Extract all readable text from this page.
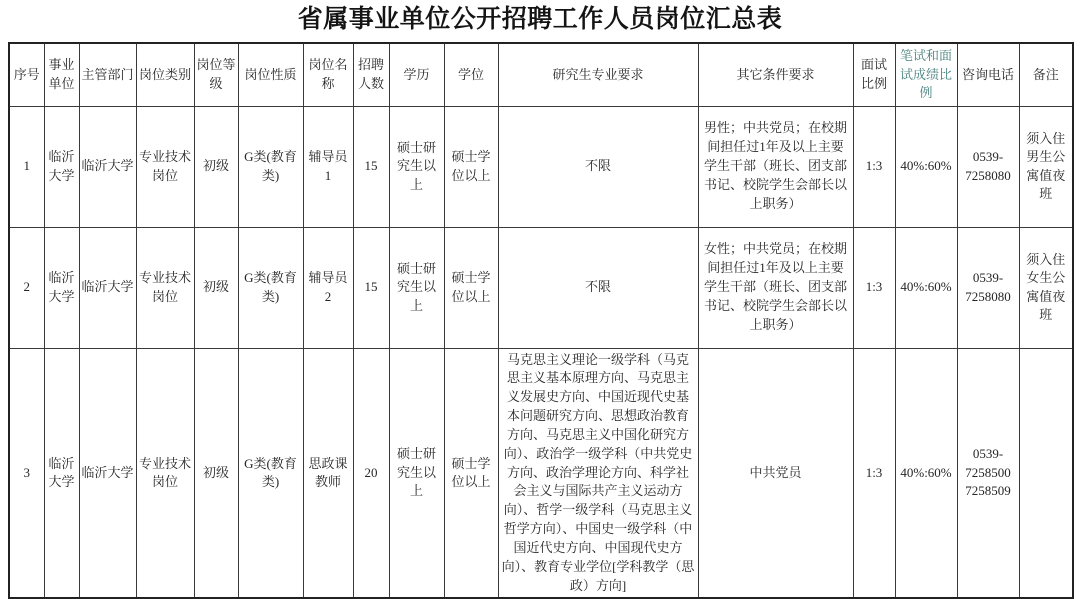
省属事业单位公开招聘工作人员岗位汇总表
序号	事业单位	主管部门	岗位类别	岗位等级	岗位性质	岗位名称	招聘人数	学历	学位	研究生专业要求	其它条件要求	面试比例	笔试和面试成绩比例	咨询电话	备注
1	临沂大学	临沂大学	专业技术岗位	初级	G类(教育类)	辅导员1	15	硕士研究生以上	硕士学位以上	不限	男性；中共党员；在校期间担任过1年及以上主要学生干部（班长、团支部书记、校院学生会部长以上职务）	1:3	40%:60%	0539-7258080	须入住男生公寓值夜班
2	临沂大学	临沂大学	专业技术岗位	初级	G类(教育类)	辅导员2	15	硕士研究生以上	硕士学位以上	不限	女性；中共党员；在校期间担任过1年及以上主要学生干部（班长、团支部书记、校院学生会部长以上职务）	1:3	40%:60%	0539-7258080	须入住女生公寓值夜班
3	临沂大学	临沂大学	专业技术岗位	初级	G类(教育类)	思政课教师	20	硕士研究生以上	硕士学位以上	马克思主义理论一级学科（马克思主义基本原理方向、马克思主义发展史方向、中国近现代史基本问题研究方向、思想政治教育方向、马克思主义中国化研究方向）、政治学一级学科（中共党史方向、政治学理论方向、科学社会主义与国际共产主义运动方向）、哲学一级学科（马克思主义哲学方向）、中国史一级学科（中国近代史方向、中国现代史方向）、教育专业学位[学科教学（思政）方向]	中共党员	1:3	40%:60%	0539-7258500 7258509	
